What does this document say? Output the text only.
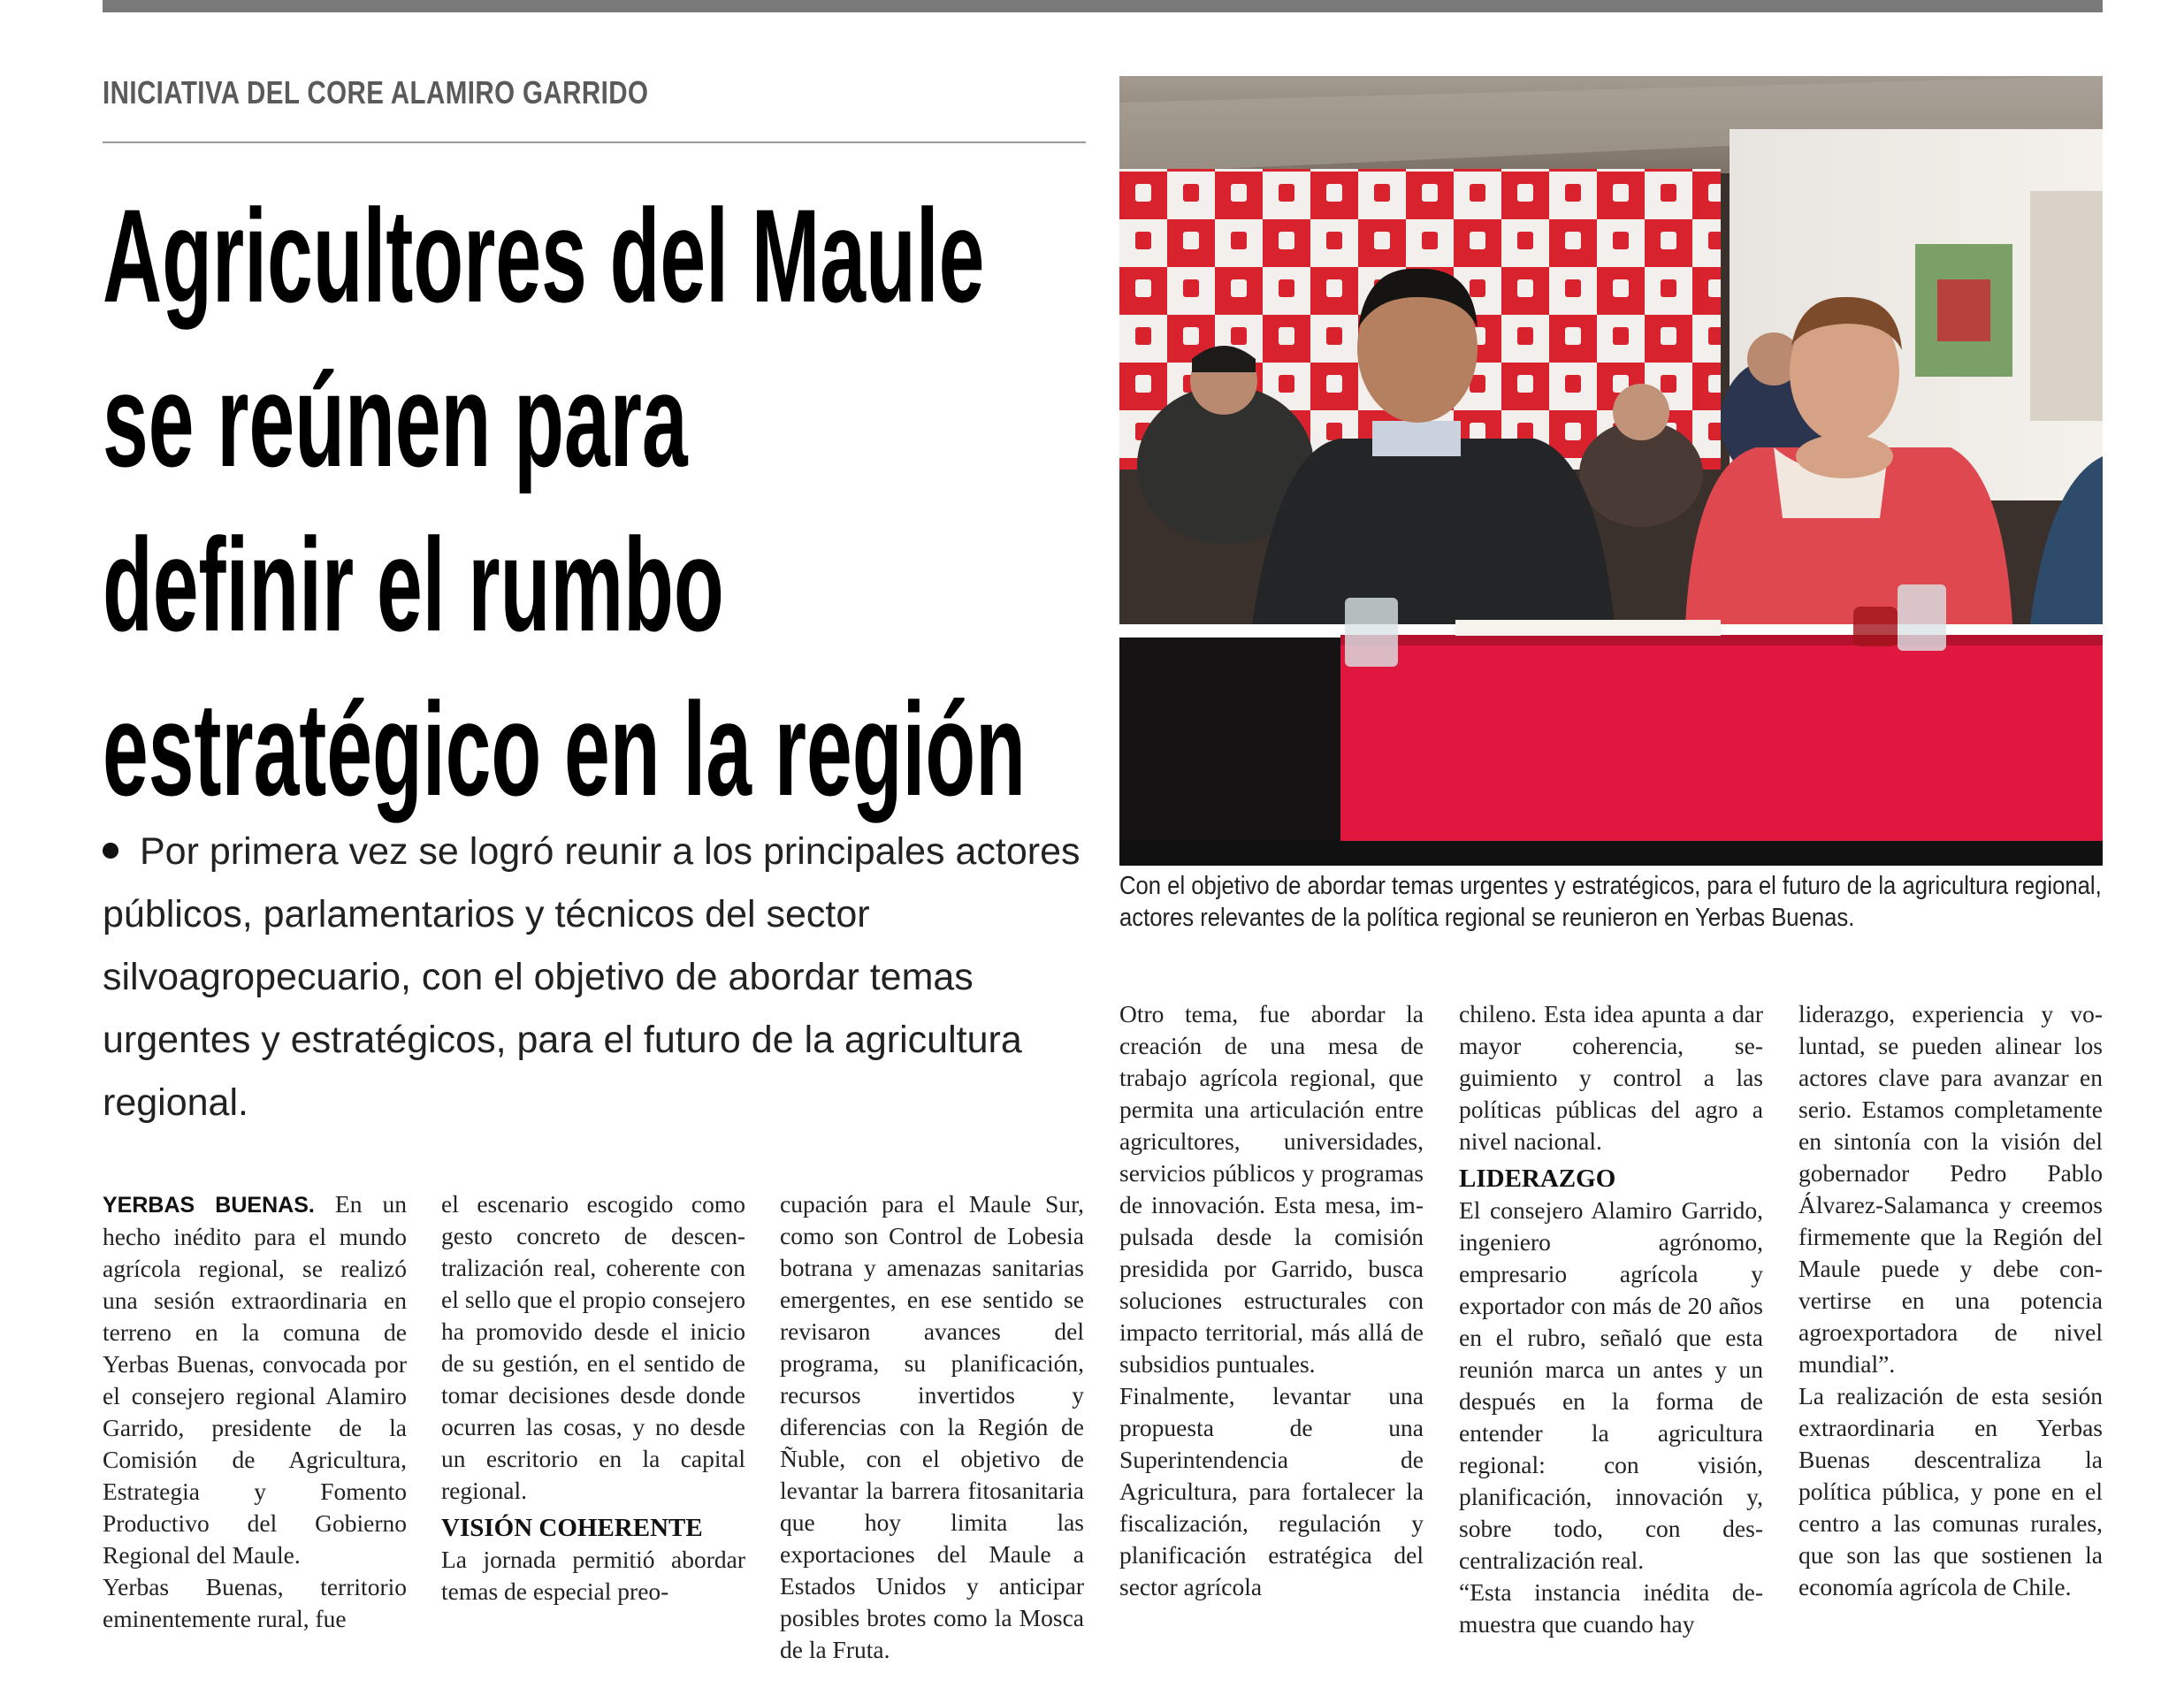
INICIATIVA DEL CORE ALAMIRO GARRIDO
Agricultores del Maule
se reúnen para
definir el rumbo
estratégico en la región
Por primera vez se logró reunir a los principales actores públicos, parlamentarios y técnicos del sector silvoagropecuario, con el objetivo de abordar temas urgentes y estratégicos, para el futuro de la agricultura regional.
Con el objetivo de abordar temas urgentes y estratégicos, para el futuro de la agricultura regional, actores relevantes de la política regional se reunieron en Yerbas Buenas.

YERBAS BUENAS. En un hecho inédito para el mundo agrícola regional, se realizó una sesión extraordinaria en terreno en la comuna de Yerbas Buenas, convocada por el consejero regional Alamiro Garrido, presidente de la Comisión de Agricultura, Estrategia y Fomento Productivo del Gobierno Regional del Maule.

Yerbas Buenas, territorio eminentemente rural, fue

el escenario escogido como gesto concreto de descentralización real, coherente con el sello que el propio consejero ha promovido desde el inicio de su gestión, en el sentido de tomar decisiones desde donde ocurren las cosas, y no desde un escritorio en la capital regional.

VISIÓN COHERENTE

La jornada permitió abordar temas de especial preo-

cupación para el Maule Sur, como son Control de Lobesia botrana y amenazas sanitarias emergentes, en ese sentido se revisaron avances del programa, su planificación, recursos invertidos y diferencias con la Región de Ñuble, con el objetivo de levantar la barrera fitosanitaria que hoy limita las exportaciones del Maule a Estados Unidos y anticipar posibles brotes como la Mosca de la Fruta.

Otro tema, fue abordar la creación de una mesa de trabajo agrícola regional, que permita una articulación entre agricultores, universidades, servicios públicos y programas de innovación. Esta mesa, impulsada desde la comisión presidida por Garrido, busca soluciones estructurales con impacto territorial, más allá de subsidios puntuales.

Finalmente, levantar una propuesta de una Superintendencia de Agricultura, para fortalecer la fiscalización, regulación y planificación estratégica del sector agrícola

chileno. Esta idea apunta a dar mayor coherencia, seguimiento y control a las políticas públicas del agro a nivel nacional.

LIDERAZGO

El consejero Alamiro Garrido, ingeniero agrónomo, empresario agrícola y exportador con más de 20 años en el rubro, señaló que esta reunión marca un antes y un después en la forma de entender la agricultura regional: con visión, planificación, innovación y, sobre todo, con descentralización real.

“Esta instancia inédita demuestra que cuando hay

liderazgo, experiencia y voluntad, se pueden alinear los actores clave para avanzar en serio. Estamos completamente en sintonía con la visión del gobernador Pedro Pablo Álvarez-Salamanca y creemos firmemente que la Región del Maule puede y debe convertirse en una potencia agroexportadora de nivel mundial”.

La realización de esta sesión extraordinaria en Yerbas Buenas descentraliza la política pública, y pone en el centro a las comunas rurales, que son las que sostienen la economía agrícola de Chile.
